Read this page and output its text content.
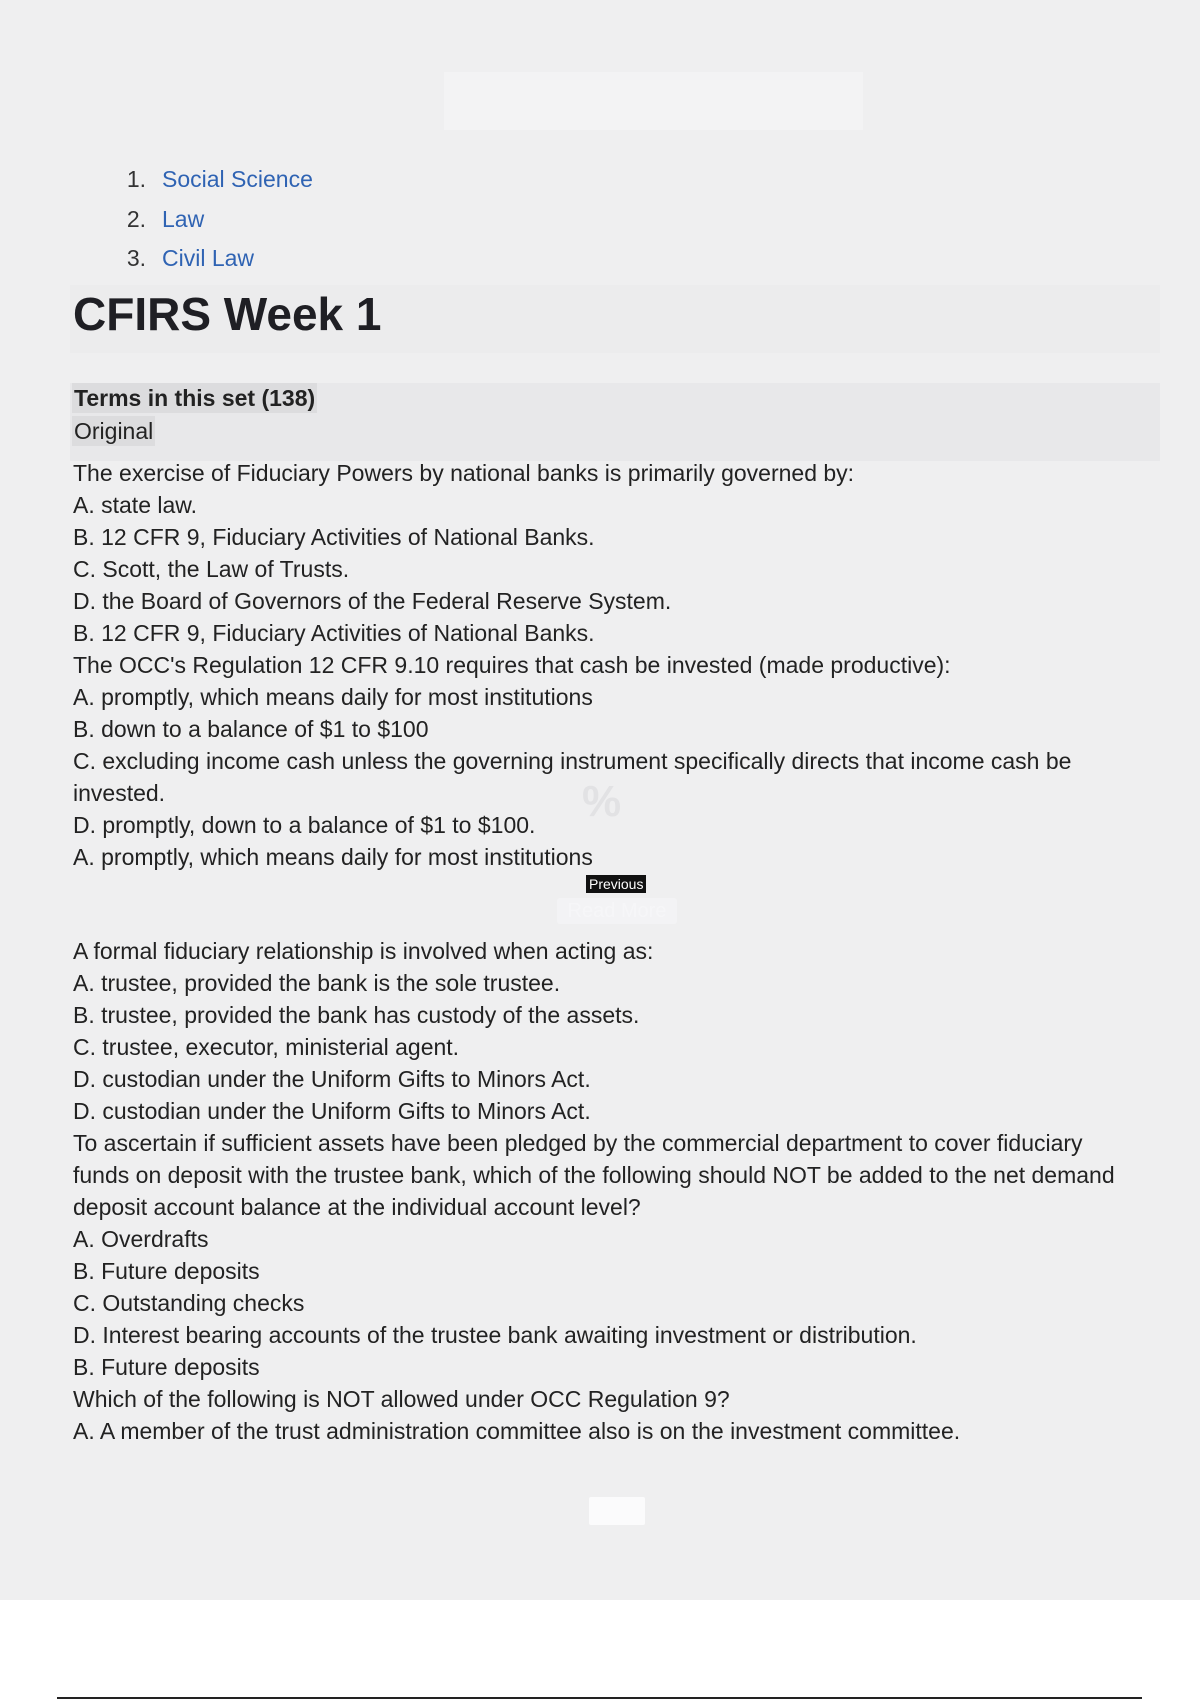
1. Social Science
2. Law
3. Civil Law
CFIRS Week 1
Terms in this set (138)
Original
The exercise of Fiduciary Powers by national banks is primarily governed by:
A. state law.
B. 12 CFR 9, Fiduciary Activities of National Banks.
C. Scott, the Law of Trusts.
D. the Board of Governors of the Federal Reserve System.
B. 12 CFR 9, Fiduciary Activities of National Banks.
The OCC's Regulation 12 CFR 9.10 requires that cash be invested (made productive):
A. promptly, which means daily for most institutions
B. down to a balance of $1 to $100
C. excluding income cash unless the governing instrument specifically directs that income cash be invested.
D. promptly, down to a balance of $1 to $100.
A. promptly, which means daily for most institutions
%
Previous
Read More
A formal fiduciary relationship is involved when acting as:
A. trustee, provided the bank is the sole trustee.
B. trustee, provided the bank has custody of the assets.
C. trustee, executor, ministerial agent.
D. custodian under the Uniform Gifts to Minors Act.
D. custodian under the Uniform Gifts to Minors Act.
To ascertain if sufficient assets have been pledged by the commercial department to cover fiduciary funds on deposit with the trustee bank, which of the following should NOT be added to the net demand deposit account balance at the individual account level?
A. Overdrafts
B. Future deposits
C. Outstanding checks
D. Interest bearing accounts of the trustee bank awaiting investment or distribution.
B. Future deposits
Which of the following is NOT allowed under OCC Regulation 9?
A. A member of the trust administration committee also is on the investment committee.
